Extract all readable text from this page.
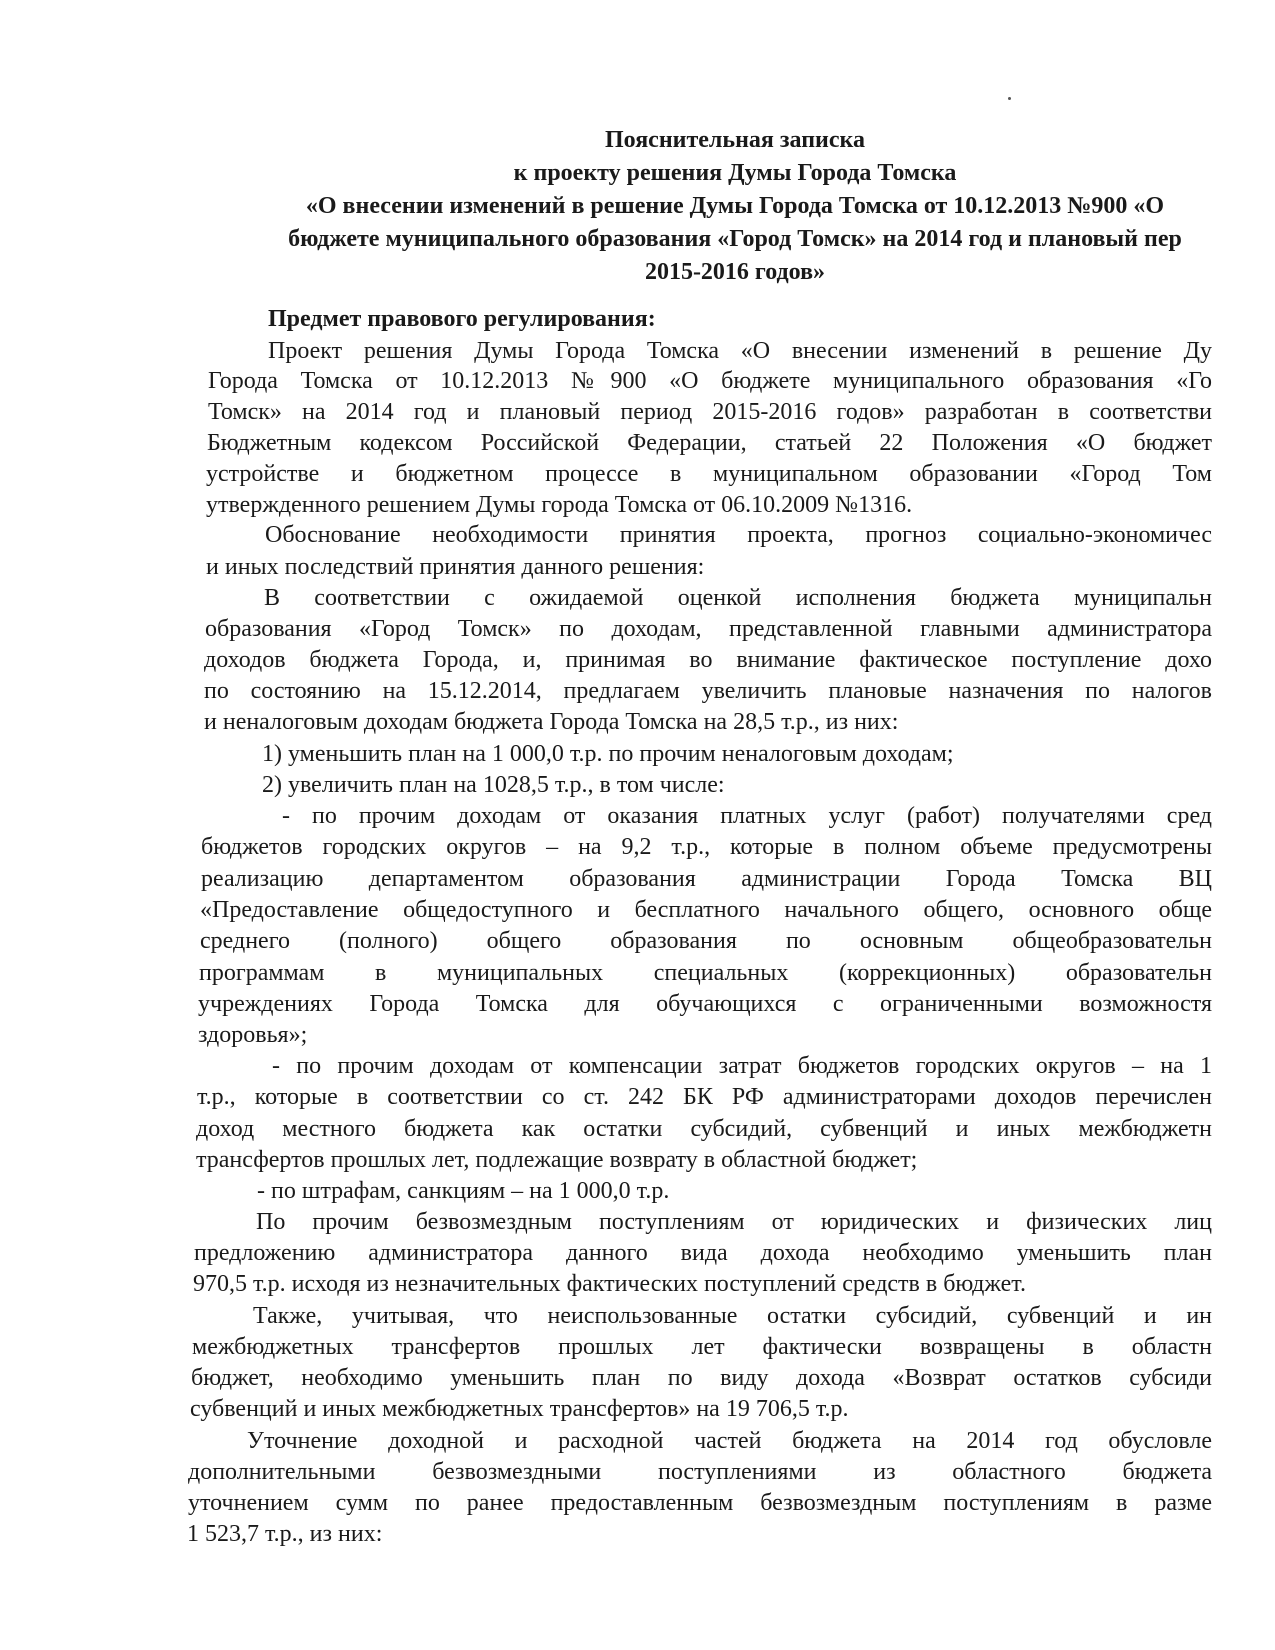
Пояснительная записка
к проекту решения Думы Города Томска
«О внесении изменений в решение Думы Города Томска от 10.12.2013 №900 «О
бюджете муниципального образования «Город Томск» на 2014 год и плановый пер
2015-2016 годов»
Предмет правового регулирования:
Проект решения Думы Города Томска «О внесении изменений в решение Ду
Города Томска от 10.12.2013 №900 «О бюджете муниципального образования «Го
Томск» на 2014 год и плановый период 2015-2016 годов» разработан в соответстви
Бюджетным кодексом Российской Федерации, статьей 22 Положения «О бюджет
устройстве и бюджетном процессе в муниципальном образовании «Город Том
утвержденного решением Думы города Томска от 06.10.2009 №1316.
Обоснование необходимости принятия проекта, прогноз социально-экономичес
и иных последствий принятия данного решения:
В соответствии с ожидаемой оценкой исполнения бюджета муниципальн
образования «Город Томск» по доходам, представленной главными администратора
доходов бюджета Города, и, принимая во внимание фактическое поступление дохо
по состоянию на 15.12.2014, предлагаем увеличить плановые назначения по налогов
и неналоговым доходам бюджета Города Томска на 28,5 т.р., из них:
1) уменьшить план на 1 000,0 т.р. по прочим неналоговым доходам;
2) увеличить план на 1028,5 т.р., в том числе:
- по прочим доходам от оказания платных услуг (работ) получателями сред
бюджетов городских округов – на 9,2 т.р., которые в полном объеме предусмотрены
реализацию департаментом образования администрации Города Томска ВЦ
«Предоставление общедоступного и бесплатного начального общего, основного обще
среднего (полного) общего образования по основным общеобразовательн
программам в муниципальных специальных (коррекционных) образовательн
учреждениях Города Томска для обучающихся с ограниченными возможностя
здоровья»;
- по прочим доходам от компенсации затрат бюджетов городских округов – на 1
т.р., которые в соответствии со ст. 242 БК РФ администраторами доходов перечислен
доход местного бюджета как остатки субсидий, субвенций и иных межбюджетн
трансфертов прошлых лет, подлежащие возврату в областной бюджет;
- по штрафам, санкциям – на 1 000,0 т.р.
По прочим безвозмездным поступлениям от юридических и физических лиц
предложению администратора данного вида дохода необходимо уменьшить план
970,5 т.р. исходя из незначительных фактических поступлений средств в бюджет.
Также, учитывая, что неиспользованные остатки субсидий, субвенций и ин
межбюджетных трансфертов прошлых лет фактически возвращены в областн
бюджет, необходимо уменьшить план по виду дохода «Возврат остатков субсиди
субвенций и иных межбюджетных трансфертов» на 19 706,5 т.р.
Уточнение доходной и расходной частей бюджета на 2014 год обусловле
дополнительными безвозмездными поступлениями из областного бюджета
уточнением сумм по ранее предоставленным безвозмездным поступлениям в разме
1 523,7 т.р., из них:
